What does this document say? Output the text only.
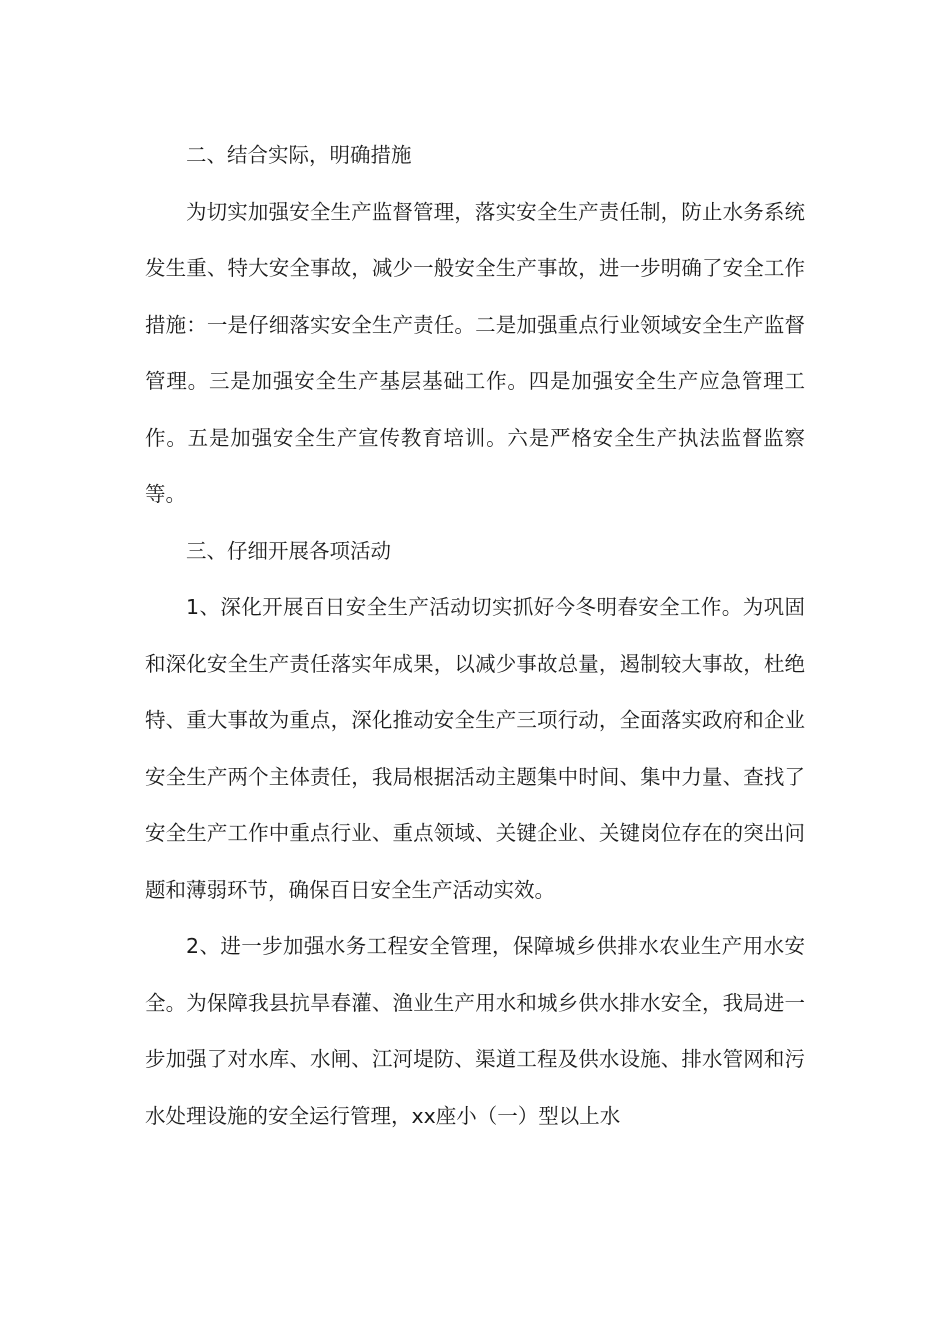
二、结合实际，明确措施

为切实加强安全生产监督管理，落实安全生产责任制，防止水务系统发生重、特大安全事故，减少一般安全生产事故，进一步明确了安全工作措施：一是仔细落实安全生产责任。二是加强重点行业领域安全生产监督管理。三是加强安全生产基层基础工作。四是加强安全生产应急管理工作。五是加强安全生产宣传教育培训。六是严格安全生产执法监督监察等。

三、仔细开展各项活动

1、深化开展百日安全生产活动切实抓好今冬明春安全工作。为巩固和深化安全生产责任落实年成果，以减少事故总量，遏制较大事故，杜绝特、重大事故为重点，深化推动安全生产三项行动，全面落实政府和企业安全生产两个主体责任，我局根据活动主题集中时间、集中力量、查找了安全生产工作中重点行业、重点领域、关键企业、关键岗位存在的突出问题和薄弱环节，确保百日安全生产活动实效。

2、进一步加强水务工程安全管理，保障城乡供排水农业生产用水安全。为保障我县抗旱春灌、渔业生产用水和城乡供水排水安全，我局进一步加强了对水库、水闸、江河堤防、渠道工程及供水设施、排水管网和污水处理设施的安全运行管理，xx座小（一）型以上水
